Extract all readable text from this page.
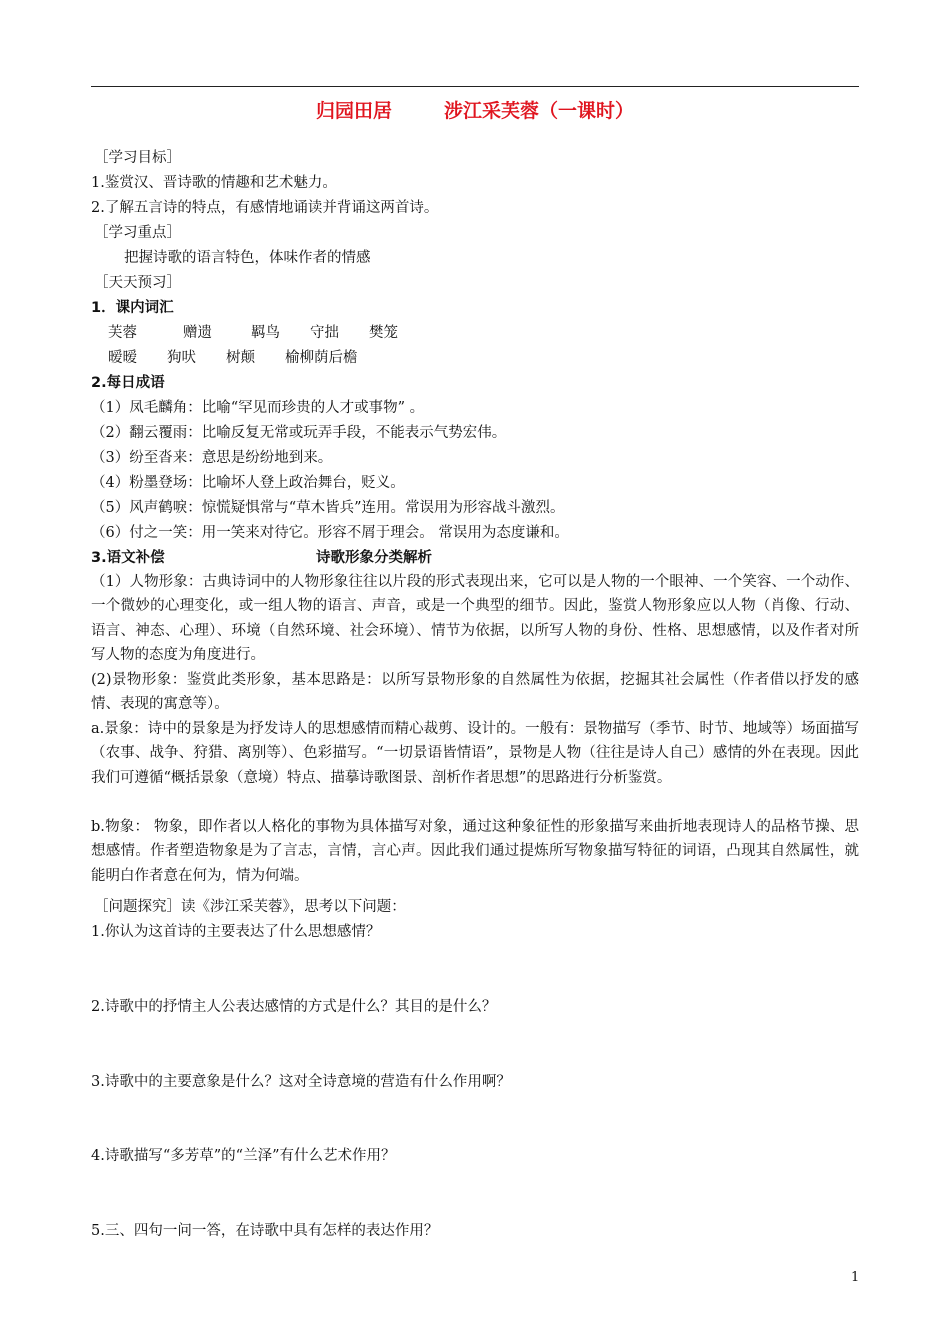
归园田居	涉江采芙蓉（一课时）
［学习目标］
1.鉴赏汉、晋诗歌的情趣和艺术魅力。
2.了解五言诗的特点，有感情地诵读并背诵这两首诗。
［学习重点］
把握诗歌的语言特色，体味作者的情感
［天天预习］
1．课内词汇
芙蓉	赠遗	羁鸟 守拙 樊笼
暧暧 狗吠 树颠 榆柳荫后檐
2.每日成语
（1）凤毛麟角：比喻“罕见而珍贵的人才或事物” 。
（2）翻云覆雨：比喻反复无常或玩弄手段，不能表示气势宏伟。
（3）纷至沓来：意思是纷纷地到来。
（4）粉墨登场：比喻坏人登上政治舞台，贬义。
（5）风声鹤唳：惊慌疑惧常与“草木皆兵”连用。常误用为形容战斗激烈。
（6）付之一笑：用一笑来对待它。形容不屑于理会。 常误用为态度谦和。
3.语文补偿	诗歌形象分类解析
（1）人物形象：古典诗词中的人物形象往往以片段的形式表现出来，它可以是人物的一个眼神、一个笑容、一个动作、一个微妙的心理变化，或一组人物的语言、声音，或是一个典型的细节。因此，鉴赏人物形象应以人物（肖像、行动、语言、神态、心理）、环境（自然环境、社会环境）、情节为依据，以所写人物的身份、性格、思想感情，以及作者对所写人物的态度为角度进行。
(2)景物形象：鉴赏此类形象，基本思路是：以所写景物形象的自然属性为依据，挖掘其社会属性（作者借以抒发的感情、表现的寓意等）。
a.景象：诗中的景象是为抒发诗人的思想感情而精心裁剪、设计的。一般有：景物描写（季节、时节、地域等）场面描写（农事、战争、狩猎、离别等）、色彩描写。“一切景语皆情语”，景物是人物（往往是诗人自己）感情的外在表现。因此我们可遵循“概括景象（意境）特点、描摹诗歌图景、剖析作者思想”的思路进行分析鉴赏。
b.物象： 物象，即作者以人格化的事物为具体描写对象，通过这种象征性的形象描写来曲折地表现诗人的品格节操、思想感情。作者塑造物象是为了言志，言情，言心声。因此我们通过提炼所写物象描写特征的词语，凸现其自然属性，就能明白作者意在何为，情为何端。
［问题探究］读《涉江采芙蓉》，思考以下问题：
1.你认为这首诗的主要表达了什么思想感情？
2.诗歌中的抒情主人公表达感情的方式是什么？其目的是什么？
3.诗歌中的主要意象是什么？这对全诗意境的营造有什么作用啊？
4.诗歌描写“多芳草”的“兰泽”有什么艺术作用？
5.三、四句一问一答，在诗歌中具有怎样的表达作用？
1
